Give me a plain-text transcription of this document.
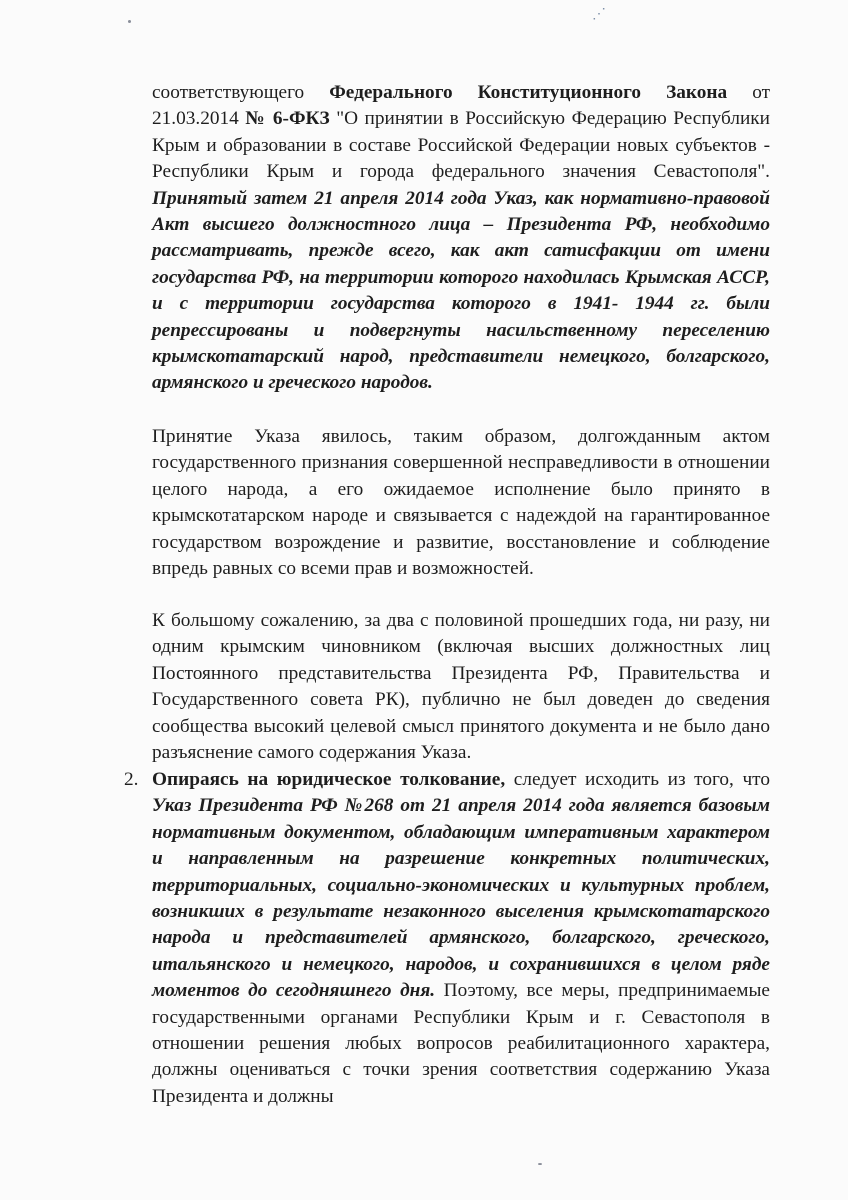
⋰
соответствующего Федерального Конституционного Закона от 21.03.2014 № 6-ФКЗ "О принятии в Российскую Федерацию Республики Крым и образовании в составе Российской Федерации новых субъектов - Республики Крым и города федерального значения Севастополя". Принятый затем 21 апреля 2014 года Указ, как нормативно-правовой Акт высшего должностного лица – Президента РФ, необходимо рассматривать, прежде всего, как акт сатисфакции от имени государства РФ, на территории которого находилась Крымская АССР, и с территории государства которого в 1941- 1944 гг. были репрессированы и подвергнуты насильственному переселению крымскотатарский народ, представители немецкого, болгарского, армянского и греческого народов.
Принятие Указа явилось, таким образом, долгожданным актом государственного признания совершенной несправедливости в отношении целого народа, а его ожидаемое исполнение было принято в крымскотатарском народе и связывается с надеждой на гарантированное государством возрождение и развитие, восстановление и соблюдение впредь равных со всеми прав и возможностей.
К большому сожалению, за два с половиной прошедших года, ни разу, ни одним крымским чиновником (включая высших должностных лиц Постоянного представительства Президента РФ, Правительства и Государственного совета РК), публично не был доведен до сведения сообщества высокий целевой смысл принятого документа и не было дано разъяснение самого содержания Указа.
2. Опираясь на юридическое толкование, следует исходить из того, что Указ Президента РФ №268 от 21 апреля 2014 года является базовым нормативным документом, обладающим императивным характером и направленным на разрешение конкретных политических, территориальных, социально-экономических и культурных проблем, возникших в результате незаконного выселения крымскотатарского народа и представителей армянского, болгарского, греческого, итальянского и немецкого, народов, и сохранившихся в целом ряде моментов до сегодняшнего дня. Поэтому, все меры, предпринимаемые государственными органами Республики Крым и г. Севастополя в отношении решения любых вопросов реабилитационного характера, должны оцениваться с точки зрения соответствия содержанию Указа Президента и должны
